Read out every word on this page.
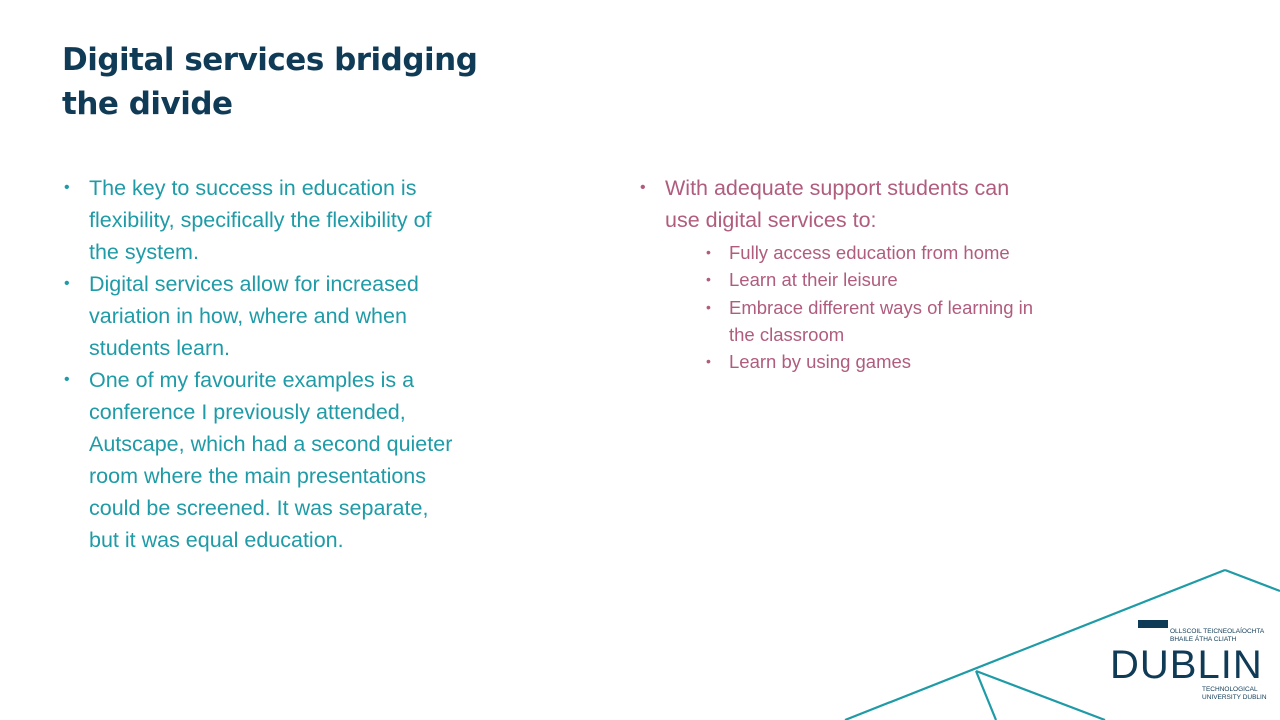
Digital services bridging the divide
• The key to success in education is flexibility, specifically the flexibility of the system.
• Digital services allow for increased variation in how, where and when students learn.
• One of my favourite examples is a conference I previously attended, Autscape, which had a second quieter room where the main presentations could be screened. It was separate, but it was equal education.
• With adequate support students can use digital services to:
• Fully access education from home
• Learn at their leisure
• Embrace different ways of learning in the classroom
• Learn by using games
OLLSCOIL TEICNEOLAÍOCHTA
BHAILE ÁTHA CLIATH
DUBLIN
TECHNOLOGICAL
UNIVERSITY DUBLIN
